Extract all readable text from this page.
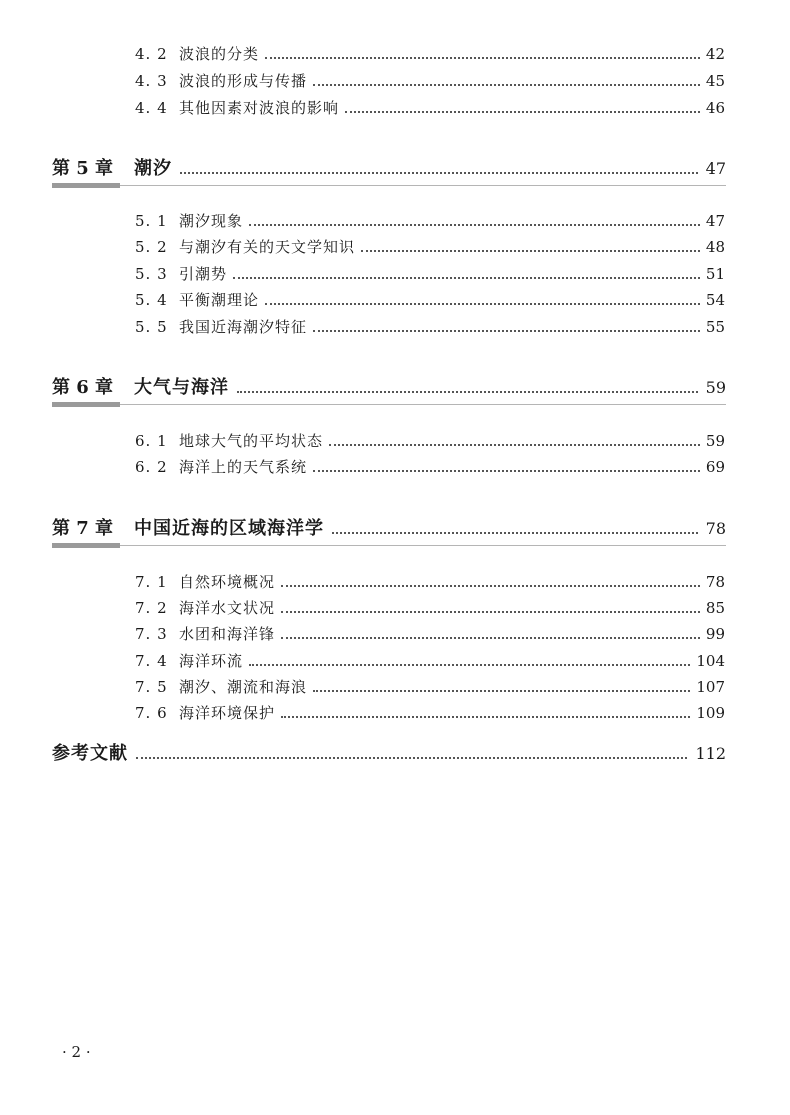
4. 2 波浪的分类	42
4. 3 波浪的形成与传播	45
4. 4 其他因素对波浪的影响	46
第 5 章	潮汐	47
5. 1 潮汐现象	47
5. 2 与潮汐有关的天文学知识	48
5. 3 引潮势	51
5. 4 平衡潮理论	54
5. 5 我国近海潮汐特征	55
第 6 章	大气与海洋	59
6. 1 地球大气的平均状态	59
6. 2 海洋上的天气系统	69
第 7 章	中国近海的区域海洋学	78
7. 1 自然环境概况	78
7. 2 海洋水文状况	85
7. 3 水团和海洋锋	99
7. 4 海洋环流	104
7. 5 潮汐、潮流和海浪	107
7. 6 海洋环境保护	109
参考文献	112
· 2 ·
